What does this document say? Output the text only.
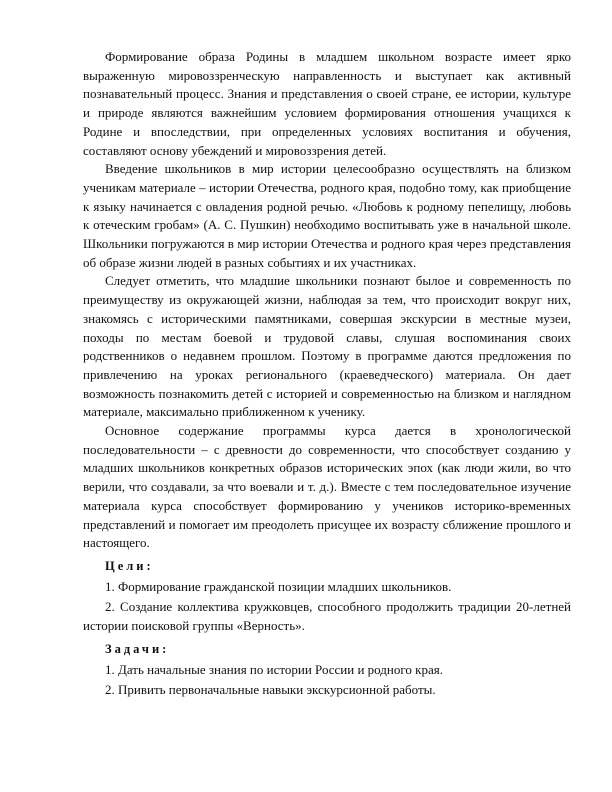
Формирование образа Родины в младшем школьном возрасте имеет ярко выраженную мировоззренческую направленность и выступает как активный познавательный процесс. Знания и представления о своей стране, ее истории, культуре и природе являются важнейшим условием формирования отношения учащихся к Родине и впоследствии, при определенных условиях воспитания и обучения, составляют основу убеждений и мировоззрения детей.

Введение школьников в мир истории целесообразно осуществлять на близком ученикам материале – истории Отечества, родного края, подобно тому, как приобщение к языку начинается с овладения родной речью. «Любовь к родному пепелищу, любовь к отеческим гробам» (А. С. Пушкин) необходимо воспитывать уже в начальной школе. Школьники погружаются в мир истории Отечества и родного края через представления об образе жизни людей в разных событиях и их участниках.

Следует отметить, что младшие школьники познают былое и современность по преимуществу из окружающей жизни, наблюдая за тем, что происходит вокруг них, знакомясь с историческими памятниками, совершая экскурсии в местные музеи, походы по местам боевой и трудовой славы, слушая воспоминания своих родственников о недавнем прошлом. Поэтому в программе даются предложения по привлечению на уроках регионального (краеведческого) материала. Он дает возможность познакомить детей с историей и современностью на близком и наглядном материале, максимально приближенном к ученику.

Основное содержание программы курса дается в хронологической последовательности – с древности до современности, что способствует созданию у младших школьников конкретных образов исторических эпох (как люди жили, во что верили, что создавали, за что воевали и т. д.). Вместе с тем последовательное изучение материала курса способствует формированию у учеников историко-временных представлений и помогает им преодолеть присущее их возрасту сближение прошлого и настоящего.

Цели:

1. Формирование гражданской позиции младших школьников.

2. Создание коллектива кружковцев, способного продолжить традиции 20-летней истории поисковой группы «Верность».

Задачи:

1. Дать начальные знания по истории России и родного края.

2. Привить первоначальные навыки экскурсионной работы.
